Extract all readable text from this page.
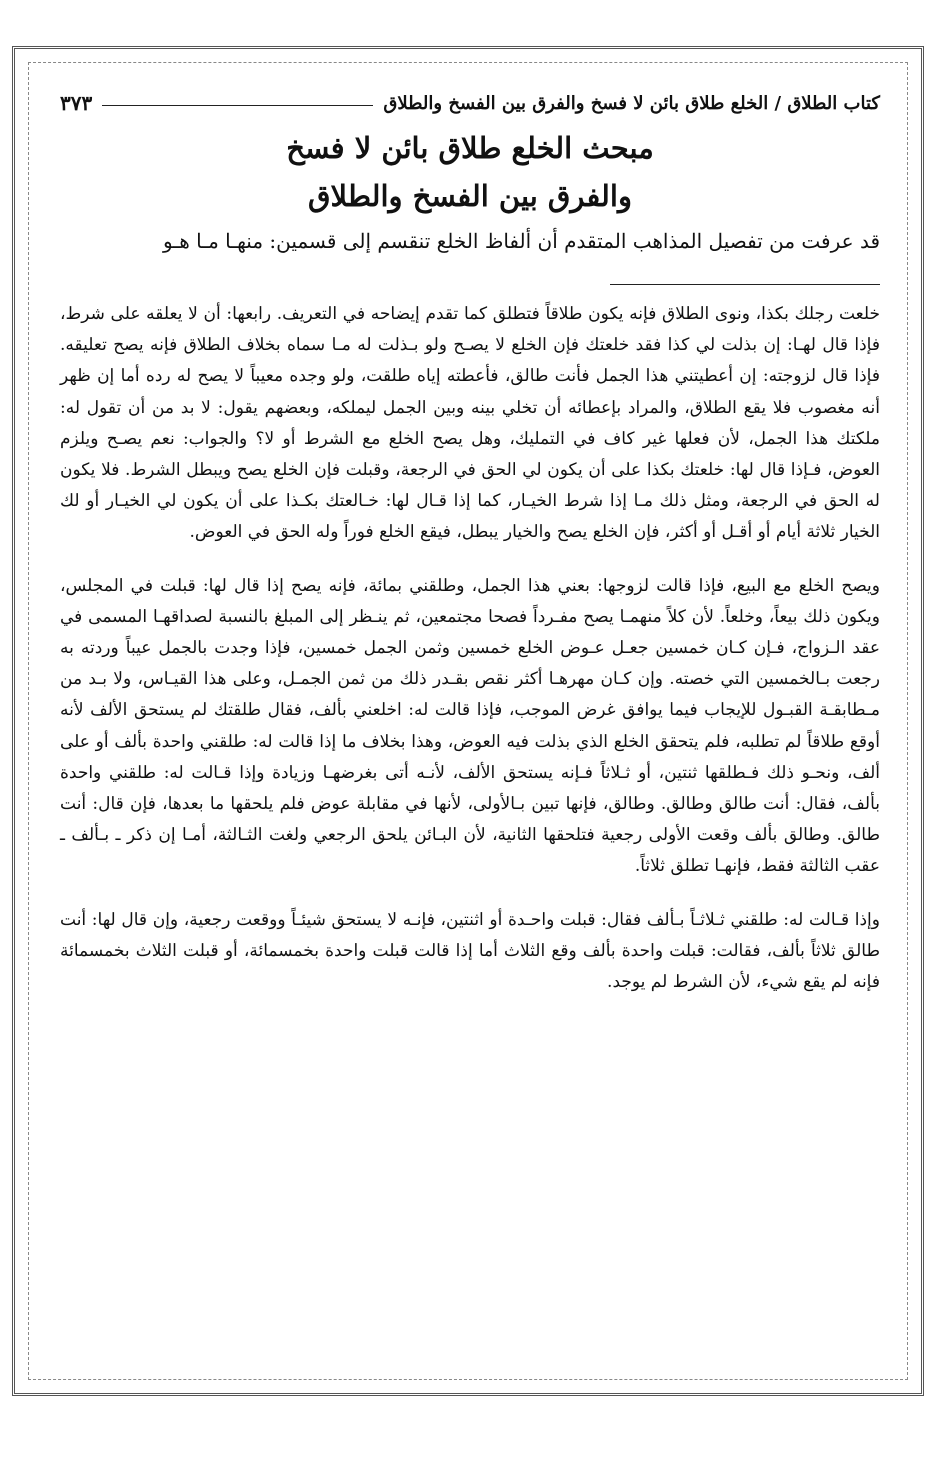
كتاب الطلاق / الخلع طلاق بائن لا فسخ والفرق بين الفسخ والطلاق
٣٧٣
مبحث الخلع طلاق بائن لا فسخ
والفرق بين الفسخ والطلاق
قد عرفت من تفصيل المذاهب المتقدم أن ألفاظ الخلع تنقسم إلى قسمين: منهـا مـا هـو

خلعت رجلك بكذا، ونوى الطلاق فإنه يكون طلاقاً فتطلق كما تقدم إيضاحه في التعريف. رابعها: أن لا يعلقه على شرط، فإذا قال لهـا: إن بذلت لي كذا فقد خلعتك فإن الخلع لا يصـح ولو بـذلت له مـا سماه بخلاف الطلاق فإنه يصح تعليقه. فإذا قال لزوجته: إن أعطيتني هذا الجمل فأنت طالق، فأعطته إياه طلقت، ولو وجده معيباً لا يصح له رده أما إن ظهر أنه مغصوب فلا يقع الطلاق، والمراد بإعطائه أن تخلي بينه وبين الجمل ليملكه، وبعضهم يقول: لا بد من أن تقول له: ملكتك هذا الجمل، لأن فعلها غير كاف في التمليك، وهل يصح الخلع مع الشرط أو لا؟ والجواب: نعم يصـح ويلزم العوض، فـإذا قال لها: خلعتك بكذا على أن يكون لي الحق في الرجعة، وقبلت فإن الخلع يصح ويبطل الشرط. فلا يكون له الحق في الرجعة، ومثل ذلك مـا إذا شرط الخيـار، كما إذا قـال لها: خـالعتك بكـذا على أن يكون لي الخيـار أو لك الخيار ثلاثة أيام أو أقـل أو أكثر، فإن الخلع يصح والخيار يبطل، فيقع الخلع فوراً وله الحق في العوض.

ويصح الخلع مع البيع، فإذا قالت لزوجها: بعني هذا الجمل، وطلقني بمائة، فإنه يصح إذا قال لها: قبلت في المجلس، ويكون ذلك بيعاً، وخلعاً. لأن كلاً منهمـا يصح مفـرداً فصحا مجتمعين، ثم ينـظر إلى المبلغ بالنسبة لصداقهـا المسمى في عقد الـزواج، فـإن كـان خمسين جعـل عـوض الخلع خمسين وثمن الجمل خمسين، فإذا وجدت بالجمل عيباً وردته به رجعت بـالخمسين التي خصته. وإن كـان مهرهـا أكثر نقص بقـدر ذلك من ثمن الجمـل، وعلى هذا القيـاس، ولا بـد من مـطابقـة القبـول للإيجاب فيما يوافق غرض الموجب، فإذا قالت له: اخلعني بألف، فقال طلقتك لم يستحق الألف لأنه أوقع طلاقاً لم تطلبه، فلم يتحقق الخلع الذي بذلت فيه العوض، وهذا بخلاف ما إذا قالت له: طلقني واحدة بألف أو على ألف، ونحـو ذلك فـطلقها ثنتين، أو ثـلاثاً فـإنه يستحق الألف، لأنـه أتى بغرضهـا وزيادة وإذا قـالت له: طلقني واحدة بألف، فقال: أنت طالق وطالق. وطالق، فإنها تبين بـالأولى، لأنها في مقابلة عوض فلم يلحقها ما بعدها، فإن قال: أنت طالق. وطالق بألف وقعت الأولى رجعية فتلحقها الثانية، لأن البـائن يلحق الرجعي ولغت الثـالثة، أمـا إن ذكر ـ بـألف ـ عقب الثالثة فقط، فإنهـا تطلق ثلاثاً.

وإذا قـالت له: طلقني ثـلاثـاً بـألف فقال: قبلت واحـدة أو اثنتين، فإنـه لا يستحق شيئـاً ووقعت رجعية، وإن قال لها: أنت طالق ثلاثاً بألف، فقالت: قبلت واحدة بألف وقع الثلاث أما إذا قالت قبلت واحدة بخمسمائة، أو قبلت الثلاث بخمسمائة فإنه لم يقع شيء، لأن الشرط لم يوجد.
